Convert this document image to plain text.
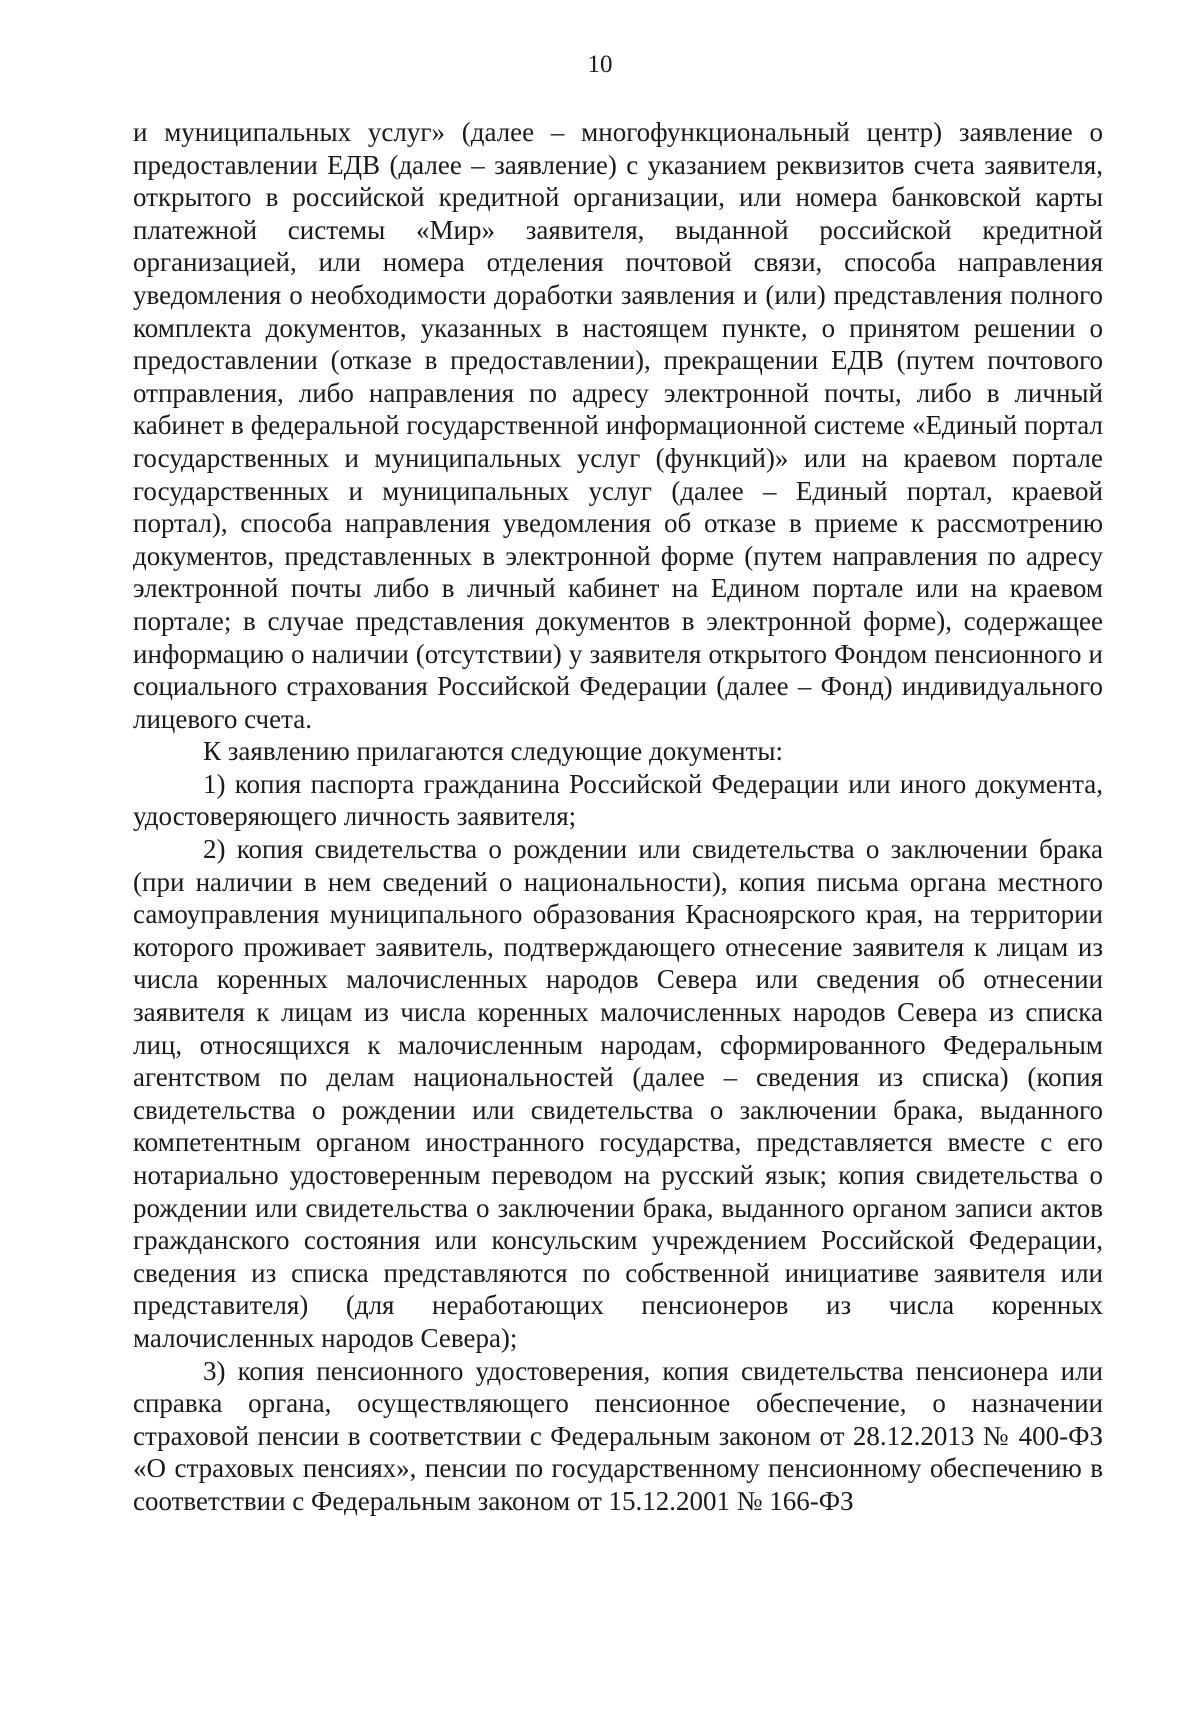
10

и муниципальных услуг» (далее – многофункциональный центр) заявление о предоставлении ЕДВ (далее – заявление) с указанием реквизитов счета заявителя, открытого в российской кредитной организации, или номера банковской карты платежной системы «Мир» заявителя, выданной российской кредитной организацией, или номера отделения почтовой связи, способа направления уведомления о необходимости доработки заявления и (или) представления полного комплекта документов, указанных в настоящем пункте, о принятом решении о предоставлении (отказе в предоставлении), прекращении ЕДВ (путем почтового отправления, либо направления по адресу электронной почты, либо в личный кабинет в федеральной государственной информационной системе «Единый портал государственных и муниципальных услуг (функций)» или на краевом портале государственных и муниципальных услуг (далее – Единый портал, краевой портал), способа направления уведомления об отказе в приеме к рассмотрению документов, представленных в электронной форме (путем направления по адресу электронной почты либо в личный кабинет на Едином портале или на краевом портале; в случае представления документов в электронной форме), содержащее информацию о наличии (отсутствии) у заявителя открытого Фондом пенсионного и социального страхования Российской Федерации (далее – Фонд) индивидуального лицевого счета.

К заявлению прилагаются следующие документы:

1) копия паспорта гражданина Российской Федерации или иного документа, удостоверяющего личность заявителя;

2) копия свидетельства о рождении или свидетельства о заключении брака (при наличии в нем сведений о национальности), копия письма органа местного самоуправления муниципального образования Красноярского края, на территории которого проживает заявитель, подтверждающего отнесение заявителя к лицам из числа коренных малочисленных народов Севера или сведения об отнесении заявителя к лицам из числа коренных малочисленных народов Севера из списка лиц, относящихся к малочисленным народам, сформированного Федеральным агентством по делам национальностей (далее – сведения из списка) (копия свидетельства о рождении или свидетельства о заключении брака, выданного компетентным органом иностранного государства, представляется вместе с его нотариально удостоверенным переводом на русский язык; копия свидетельства о рождении или свидетельства о заключении брака, выданного органом записи актов гражданского состояния или консульским учреждением Российской Федерации, сведения из списка представляются по собственной инициативе заявителя или представителя) (для неработающих пенсионеров из числа коренных малочисленных народов Севера);

3) копия пенсионного удостоверения, копия свидетельства пенсионера или справка органа, осуществляющего пенсионное обеспечение, о назначении страховой пенсии в соответствии с Федеральным законом от 28.12.2013 № 400-ФЗ «О страховых пенсиях», пенсии по государственному пенсионному обеспечению в соответствии с Федеральным законом от 15.12.2001 № 166-ФЗ
